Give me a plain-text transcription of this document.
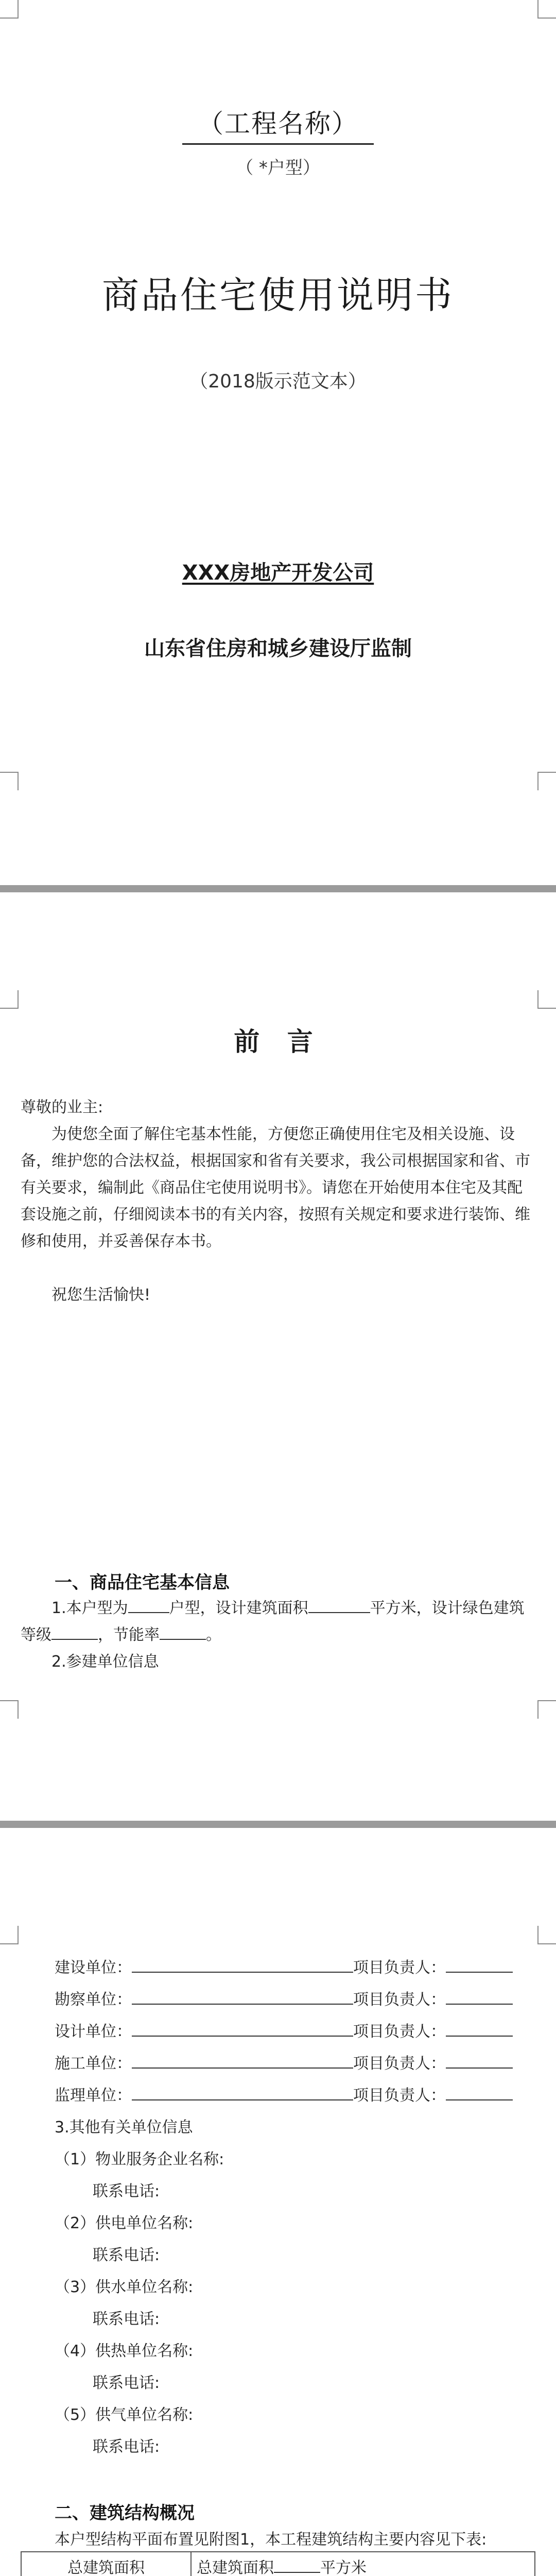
（工程名称）
（ *户型）
商品住宅使用说明书
（2018版示范文本）
XXX房地产开发公司
山东省住房和城乡建设厅监制
前 言
尊敬的业主:
为使您全面了解住宅基本性能，方便您正确使用住宅及相关设施、设备，维护您的合法权益，根据国家和省有关要求，我公司根据国家和省、市有关要求，编制此《商品住宅使用说明书》。请您在开始使用本住宅及其配套设施之前，仔细阅读本书的有关内容，按照有关规定和要求进行装饰、维修和使用，并妥善保存本书。
祝您生活愉快!
一、商品住宅基本信息
1.本户型为	户型，设计建筑面积	平方米，设计绿色建筑等级	，节能率	。
2.参建单位信息
建设单位：	项目负责人：
勘察单位：	项目负责人：
设计单位：	项目负责人：
施工单位：	项目负责人：
监理单位：	项目负责人：
3.其他有关单位信息
（1）物业服务企业名称:
联系电话:
（2）供电单位名称:
联系电话:
（3）供水单位名称:
联系电话:
（4）供热单位名称:
联系电话:
（5）供气单位名称:
联系电话:
二、建筑结构概况
本户型结构平面布置见附图1，本工程建筑结构主要内容见下表:
总建筑面积	总建筑面积 平方米
